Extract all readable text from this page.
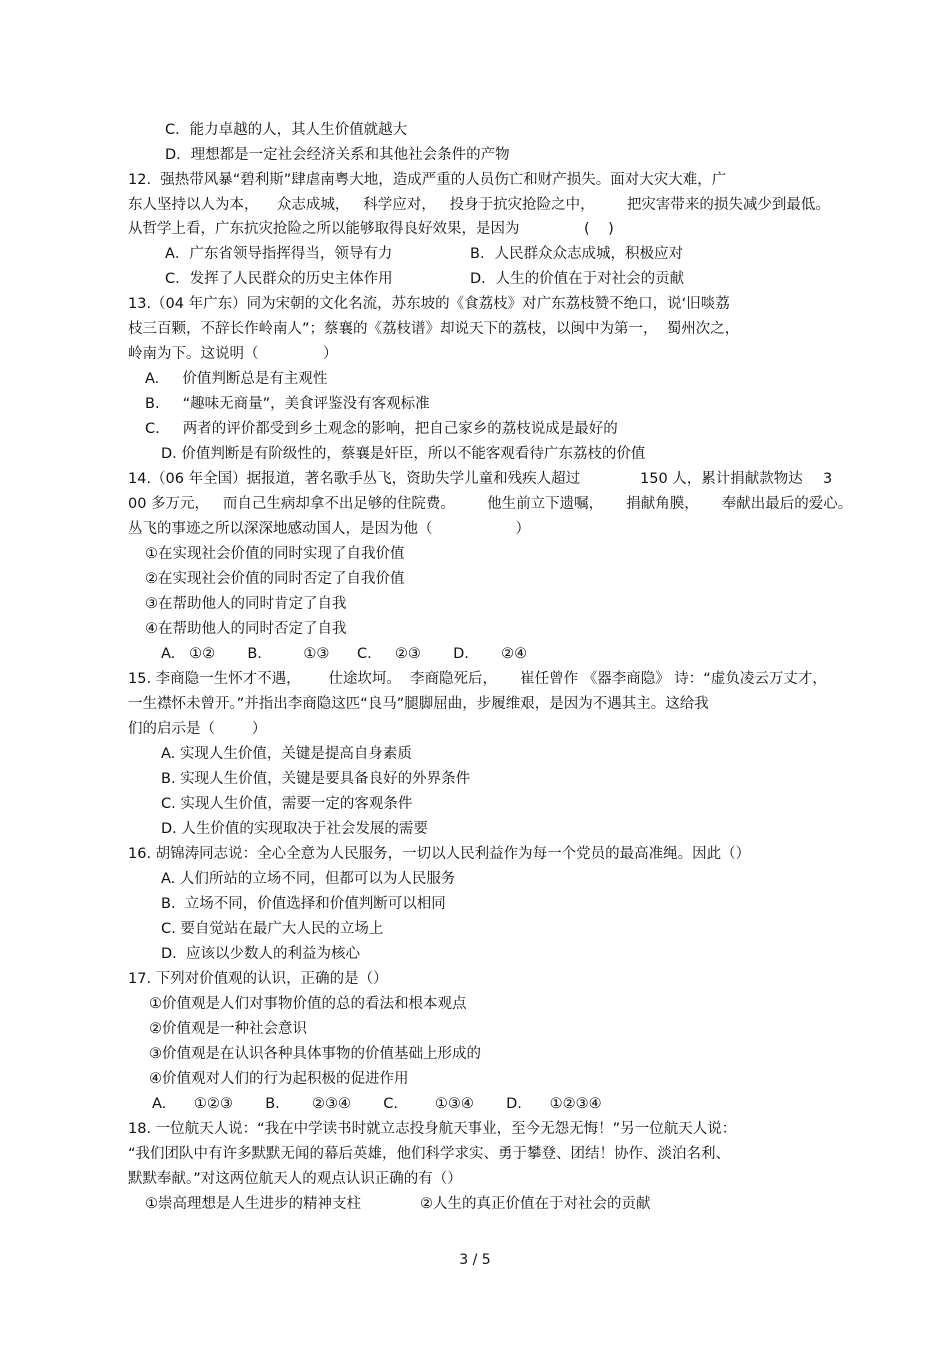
C．能力卓越的人，其人生价值就越大
D．理想都是一定社会经济关系和其他社会条件的产物
12.  强热带风暴“碧利斯”肆虐南粤大地，造成严重的人员伤亡和财产损失。面对大灾大难，广
东人坚持以人为本，    众志成城，   科学应对，   投身于抗灾抢险之中，       把灾害带来的损失减少到最低。
从哲学上看，广东抗灾抢险之所以能够取得良好效果，是因为              (    )
A．广东省领导指挥得当，领导有力	B．人民群众众志成城，积极应对
C．发挥了人民群众的历史主体作用	D．人生的价值在于对社会的贡献
13.（04 年广东）同为宋朝的文化名流，苏东坡的《食荔枝》对广东荔枝赞不绝口，说‘旧啖荔
枝三百颗，不辞长作岭南人”；蔡襄的《荔枝谱》却说天下的荔枝，以闽中为第一，  蜀州次之，
岭南为下。这说明（              ）
A.     价值判断总是有主观性
B.     “趣味无商量”，美食评鉴没有客观标准
C.     两者的评价都受到乡土观念的影响，把自己家乡的荔枝说成是最好的
D. 价值判断是有阶级性的，蔡襄是奸臣，所以不能客观看待广东荔枝的价值
14.（06 年全国）据报道，著名歌手丛飞，资助失学儿童和残疾人超过	150 人，累计捐献款物达 3
00 多万元，   而自己生病却拿不出足够的住院费。       他生前立下遗嘱，     捐献角膜，     奉献出最后的爱心。
丛飞的事迹之所以深深地感动国人，是因为他（                  ）
①在实现社会价值的同时实现了自我价值
②在实现社会价值的同时否定了自我价值
③在帮助他人的同时肯定了自我
④在帮助他人的同时否定了自我
A.   ①②       B.         ①③      C.     ②③       D.       ②④
15. 李商隐一生怀才不遇，      仕途坎坷。  李商隐死后，     崔任曾作 《器李商隐》 诗：“虚负凌云万丈才，
一生襟怀未曾开。”并指出李商隐这匹“良马”腿脚屈曲，步履维艰，是因为不遇其主。这给我
们的启示是（        ）
A. 实现人生价值，关键是提高自身素质
B. 实现人生价值，关键是要具备良好的外界条件
C. 实现人生价值，需要一定的客观条件
D. 人生价值的实现取决于社会发展的需要
16. 胡锦涛同志说：全心全意为人民服务，一切以人民利益作为每一个党员的最高准绳。因此（）
A. 人们所站的立场不同，但都可以为人民服务
B.  立场不同，价值选择和价值判断可以相同
C. 要自觉站在最广大人民的立场上
D.  应该以少数人的利益为核心
17. 下列对价值观的认识，正确的是（）
①价值观是人们对事物价值的总的看法和根本观点
②价值观是一种社会意识
③价值观是在认识各种具体事物的价值基础上形成的
④价值观对人们的行为起积极的促进作用
A.      ①②③       B.       ②③④       C.        ①③④       D.      ①②③④
18. 一位航天人说：“我在中学读书时就立志投身航天事业，至今无怨无悔！”另一位航天人说：
“我们团队中有许多默默无闻的幕后英雄，他们科学求实、勇于攀登、团结！协作、淡泊名利、
默默奉献。”对这两位航天人的观点认识正确的有（）
①崇高理想是人生进步的精神支柱	②人生的真正价值在于对社会的贡献
3 / 5
